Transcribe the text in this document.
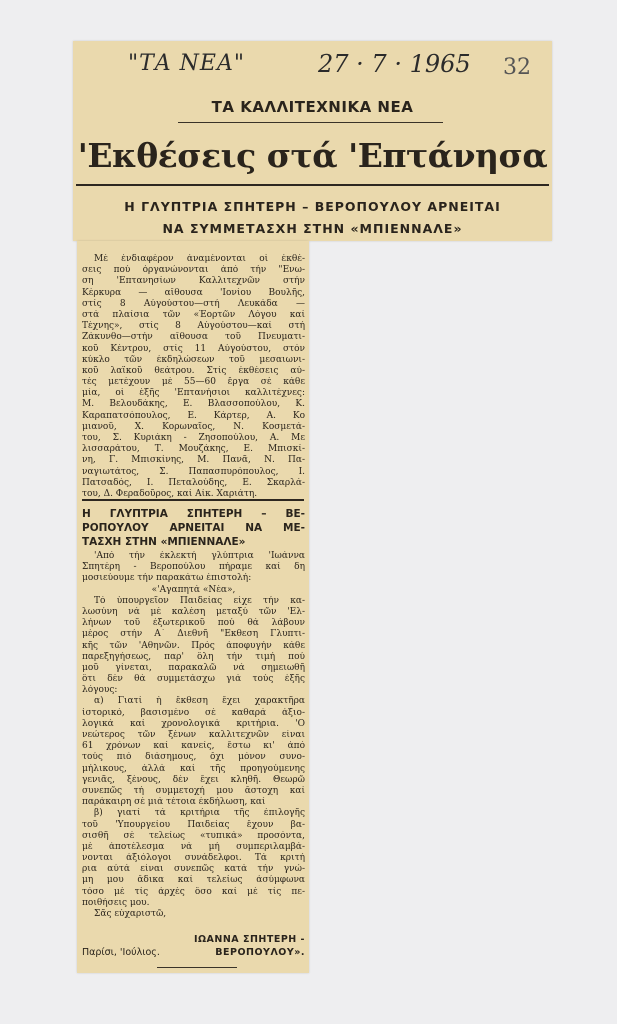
"ΤΑ ΝΕΑ"	27 · 7 · 1965 32
ΤΑ ΚΑΛΛΙΤΕΧΝΙΚΑ ΝΕΑ
'Εκθέσεις στά 'Επτάνησα
Η ΓΛΥΠΤΡΙΑ ΣΠΗΤΕΡΗ – ΒΕΡΟΠΟΥΛΟΥ ΑΡΝΕΙΤΑΙ
ΝΑ ΣΥΜΜΕΤΑΣΧΗ ΣΤΗΝ «ΜΠΙΕΝΝΑΛΕ»
Μέ ἐνδιαφέρον ἀναμένονται οἱ ἐκθέ-
σεις πού ὀργανώνονται ἀπό τήν "Ενω-
ση 'Επτανησίων Καλλιτεχνῶν στήν
Κέρκυρα — αἴθουσα 'Ιονίου Βουλῆς,
στίς 8 Αὐγούστου—στή Λευκάδα —
στά πλαίσια τῶν «Ἑορτῶν Λόγου καί
Τέχνης», στίς 8 Αὐγούστου—καί στή
Ζάκυνθο—στήν αἴθουσα τοῦ Πνευματι-
κοῦ Κέντρου, στίς 11 Αὐγούστου, στόν
κύκλο τῶν ἐκδηλώσεων τοῦ μεσαιωνι-
κοῦ λαϊκοῦ θεάτρου. Στίς ἐκθέσεις αὐ-
τές μετέχουν μέ 55—60 ἔργα σέ κάθε
μία, οἱ ἑξῆς 'Επτανήσιοι καλλιτέχνες:
Μ. Βελουδάκης, Ε. Βλασσοπούλου, Κ.
Καραπατσόπουλος, Ε. Κάρτερ, Α. Κο
μιανοῦ, Χ. Κορωναῖος, Ν. Κοσμετά-
του, Σ. Κυριάκη - Ζησοπούλου, Α. Με
λισσαράτου, Τ. Μουζάκης, Ε. Μπισκί-
νη, Γ. Μπισκίνης, Μ. Πανᾶ, Ν. Πα-
ναγιωτάτος, Σ. Παπασπυρόπουλος, Ι.
Πατσαδός, Ι. Πεταλούδης, Ε. Σκαρλά-
του, Δ. Φεραδοῦρος, καί Αἰκ. Χαριάτη.
Η ΓΛΥΠΤΡΙΑ ΣΠΗΤΕΡΗ – ΒΕ-
ΡΟΠΟΥΛΟΥ ΑΡΝΕΙΤΑΙ ΝΑ ΜΕ-
ΤΑΣΧΗ ΣΤΗΝ «ΜΠΙΕΝΝΑΛΕ»
'Από τήν ἐκλεκτή γλύπτρια 'Ιωάννα
Σπητέρη - Βεροπούλου πήραμε καί δη
μοσιεύουμε τήν παρακάτω ἐπιστολή:
«'Αγαπητά «Νέα»,
Τό ὑπουργεῖον Παιδείας εἶχε τήν κα-
λωσύνη νά μέ καλέση μεταξύ τῶν 'Ελ-
λήνων τοῦ ἐξωτερικοῦ πού θά λάβουν
μέρος στήν Α΄ Διεθνῆ "Εκθεση Γλυπτι-
κῆς τῶν 'Αθηνῶν. Πρός ἀποφυγήν κάθε
παρεξηγήσεως, παρ' ὅλη τήν τιμή πού
μοῦ γίνεται, παρακαλῶ νά σημειωθῆ
ὅτι δέν θά συμμετάσχω γιά τούς ἑξῆς
λόγους:
α) Γιατί ἡ ἔκθεση ἔχει χαρακτῆρα
ἱστορικό, βασισμένο σέ καθαρά ἀξιο-
λογικά καί χρονολογικά κριτήρια. 'Ο
νεώτερος τῶν ξένων καλλιτεχνῶν εἶναι
61 χρόνων καί κανείς, ἔστω κι' ἀπό
τούς πιό διάσημους, ὄχι μόνον συνο-
μήλικους, ἀλλά καί τῆς προηγούμενης
γενιᾶς, ξένους, δέν ἔχει κληθῆ. Θεωρῶ
συνεπῶς τή συμμετοχή μου ἄστοχη καί
παράκαιρη σέ μιά τέτοια ἐκδήλωση, καί
β) γιατί τά κριτήρια τῆς ἐπιλογῆς
τοῦ 'Υπουργείου Παιδείας ἔχουν βα-
σισθῆ σέ τελείως «τυπικά» προσόντα,
μέ ἀποτέλεσμα νά μή συμπεριλαμβά-
νονται ἀξιόλογοι συνάδελφοι. Τά κριτή
ρια αὐτά εἶναι συνεπῶς κατά τήν γνώ-
μη μου ἄδικα καί τελείως ἀσύμφωνα
τόσο μέ τίς ἀρχές ὅσο καί μέ τίς πε-
ποιθήσεις μου.
Σᾶς εὐχαριστῶ,
ΙΩΑΝΝΑ ΣΠΗΤΕΡΗ -
Παρίσι, 'Ιούλιος.	ΒΕΡΟΠΟΥΛΟΥ».
